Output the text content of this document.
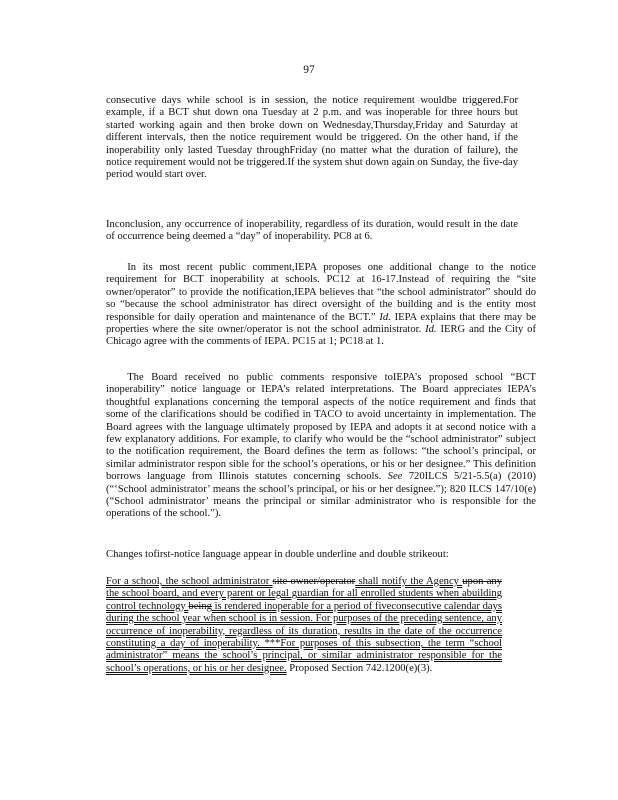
97

consecutive days while school is in session, the notice requirement wouldbe triggered.For example, if a BCT shut down ona Tuesday at 2 p.m. and was inoperable for three hours but started working again and then broke down on Wednesday,Thursday,Friday and Saturday at different intervals, then the notice requirement would be triggered. On the other hand, if the inoperability only lasted Tuesday throughFriday (no matter what the duration of failure), the notice requirement would not be triggered.If the system shut down again on Sunday, the five-day period would start over.

Inconclusion, any occurrence of inoperability, regardless of its duration, would result in the date of occurrence being deemed a “day” of inoperability. PC8 at 6.

  In its most recent public comment,IEPA proposes one additional change to the notice requirement for BCT inoperability at schools. PC12 at 16-17.Instead of requiring the “site owner/operator” to provide the notification,IEPA believes that “the school administrator” should do so “because the school administrator has direct oversight of the building and is the entity most responsible for daily operation and maintenance of the BCT.” Id. IEPA explains that there may be properties where the site owner/operator is not the school administrator. Id. IERG and the City of Chicago agree with the comments of IEPA. PC15 at 1; PC18 at 1.

  The Board received no public comments responsive toIEPA’s proposed school “BCT inoperability” notice language or IEPA’s related interpretations. The Board appreciates IEPA’s thoughtful explanations concerning the temporal aspects of the notice requirement and finds that some of the clarifications should be codified in TACO to avoid uncertainty in implementation. The Board agrees with the language ultimately proposed by IEPA and adopts it at second notice with a few explanatory additions. For example, to clarify who would be the “school administrator” subject to the notification requirement, the Board defines the term as follows: “the school’s principal, or similar administrator respon sible for the school’s operations, or his or her designee.” This definition borrows language from Illinois statutes concerning schools. See 720ILCS 5/21-5.5(a) (2010) (“‘School administrator’ means the school’s principal, or his or her designee.”); 820 ILCS 147/10(e) (“School administrator’ means the principal or similar administrator who is responsible for the operations of the school.”).

Changes tofirst-notice language appear in double underline and double strikeout:

For a school, the school administrator site owner/operator shall notify the Agency upon any the school board, and every parent or legal guardian for all enrolled students when abuilding control technology being is rendered inoperable for a period of fiveconsecutive calendar days during the school year when school is in session. For purposes of the preceding sentence, any occurrence of inoperability, regardless of its duration, results in the date of the occurrence constituting a day of inoperability. ***For purposes of this subsection, the term “school administrator” means the school’s principal, or similar administrator responsible for the school’s operations, or his or her designee. Proposed Section 742.1200(e)(3).
